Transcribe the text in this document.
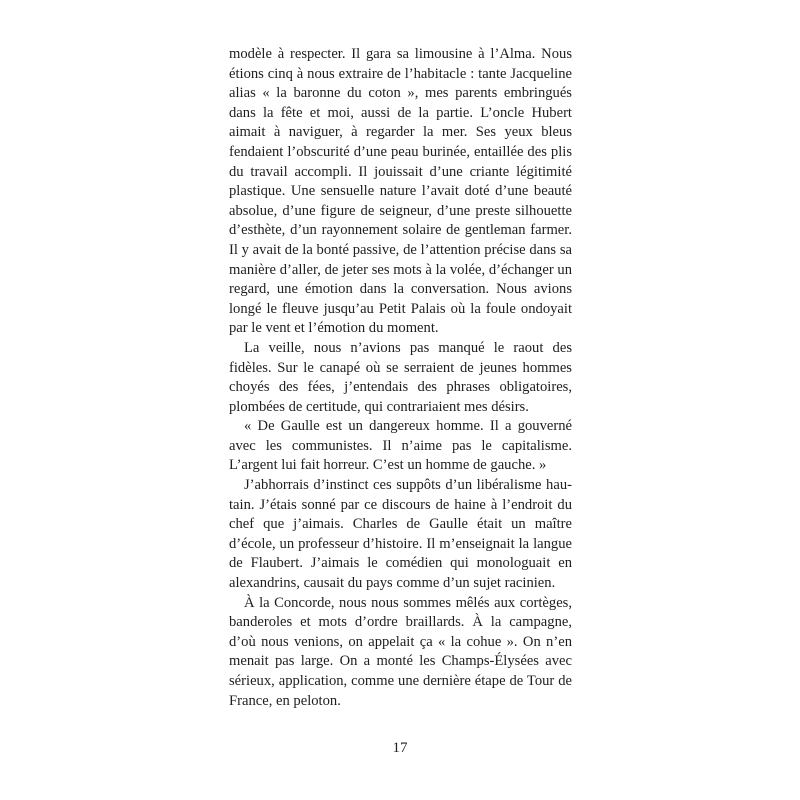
modèle à respecter. Il gara sa limousine à l’Alma. Nous étions cinq à nous extraire de l’habitacle : tante Jacqueline alias « la baronne du coton », mes parents embringués dans la fête et moi, aussi de la partie. L’oncle Hubert aimait à naviguer, à regarder la mer. Ses yeux bleus fendaient l’obscurité d’une peau burinée, entaillée des plis du travail accompli. Il jouissait d’une criante légitimité plastique. Une sensuelle nature l’avait doté d’une beauté absolue, d’une figure de seigneur, d’une preste silhouette d’esthète, d’un rayonnement solaire de gentleman farmer. Il y avait de la bonté passive, de l’attention précise dans sa manière d’aller, de jeter ses mots à la volée, d’échanger un regard, une émotion dans la conversation. Nous avions longé le fleuve jusqu’au Petit Palais où la foule ondoyait par le vent et l’émotion du moment.

La veille, nous n’avions pas manqué le raout des fidèles. Sur le canapé où se serraient de jeunes hommes choyés des fées, j’entendais des phrases obligatoires, plombées de certitude, qui contrariaient mes désirs.

« De Gaulle est un dangereux homme. Il a gouverné avec les communistes. Il n’aime pas le capitalisme. L’argent lui fait horreur. C’est un homme de gauche. »

J’abhorrais d’instinct ces suppôts d’un libéralisme hautain. J’étais sonné par ce discours de haine à l’endroit du chef que j’aimais. Charles de Gaulle était un maître d’école, un professeur d’histoire. Il m’enseignait la langue de Flaubert. J’aimais le comédien qui monologuait en alexandrins, causait du pays comme d’un sujet racinien.

À la Concorde, nous nous sommes mêlés aux cortèges, banderoles et mots d’ordre braillards. À la campagne, d’où nous venions, on appelait ça « la cohue ». On n’en menait pas large. On a monté les Champs-Élysées avec sérieux, application, comme une dernière étape de Tour de France, en peloton.

17
